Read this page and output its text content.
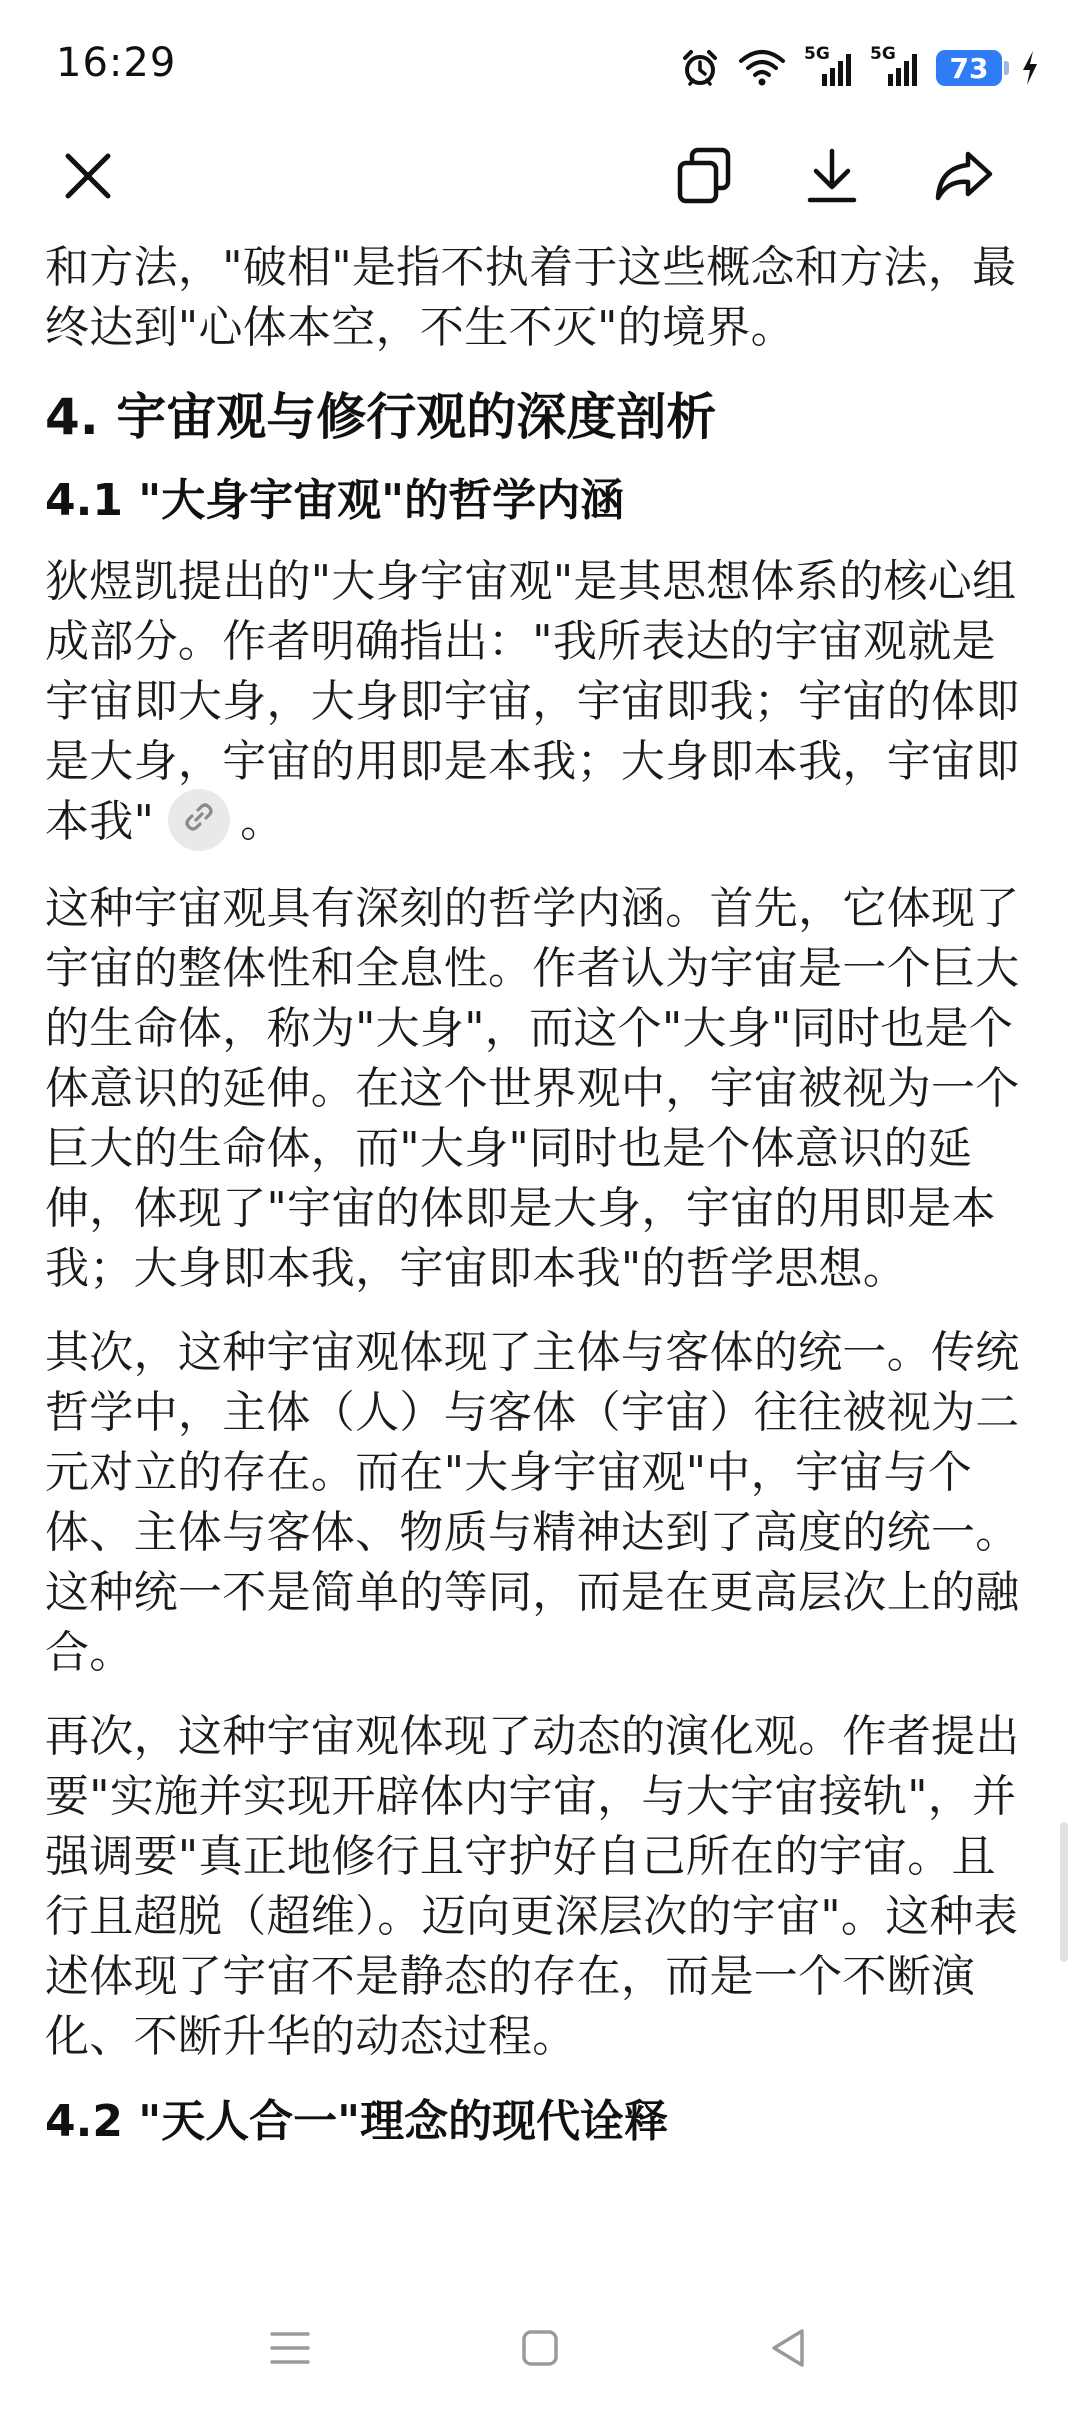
16:29	5G 5G 73

和方法，"破相"是指不执着于这些概念和方法，最终达到"心体本空，不生不灭"的境界。

4. 宇宙观与修行观的深度剖析
4.1 "大身宇宙观"的哲学内涵

狄煜凯提出的"大身宇宙观"是其思想体系的核心组成部分。作者明确指出："我所表达的宇宙观就是宇宙即大身，大身即宇宙，宇宙即我；宇宙的体即是大身，宇宙的用即是本我；大身即本我，宇宙即本我" 。

这种宇宙观具有深刻的哲学内涵。首先，它体现了宇宙的整体性和全息性。作者认为宇宙是一个巨大的生命体，称为"大身"，而这个"大身"同时也是个体意识的延伸。在这个世界观中，宇宙被视为一个巨大的生命体，而"大身"同时也是个体意识的延伸，体现了"宇宙的体即是大身，宇宙的用即是本我；大身即本我，宇宙即本我"的哲学思想。

其次，这种宇宙观体现了主体与客体的统一。传统哲学中，主体（人）与客体（宇宙）往往被视为二元对立的存在。而在"大身宇宙观"中，宇宙与个体、主体与客体、物质与精神达到了高度的统一。这种统一不是简单的等同，而是在更高层次上的融合。

再次，这种宇宙观体现了动态的演化观。作者提出要"实施并实现开辟体内宇宙，与大宇宙接轨"，并强调要"真正地修行且守护好自己所在的宇宙。且行且超脱（超维）。迈向更深层次的宇宙"。这种表述体现了宇宙不是静态的存在，而是一个不断演化、不断升华的动态过程。

4.2 "天人合一"理念的现代诠释
